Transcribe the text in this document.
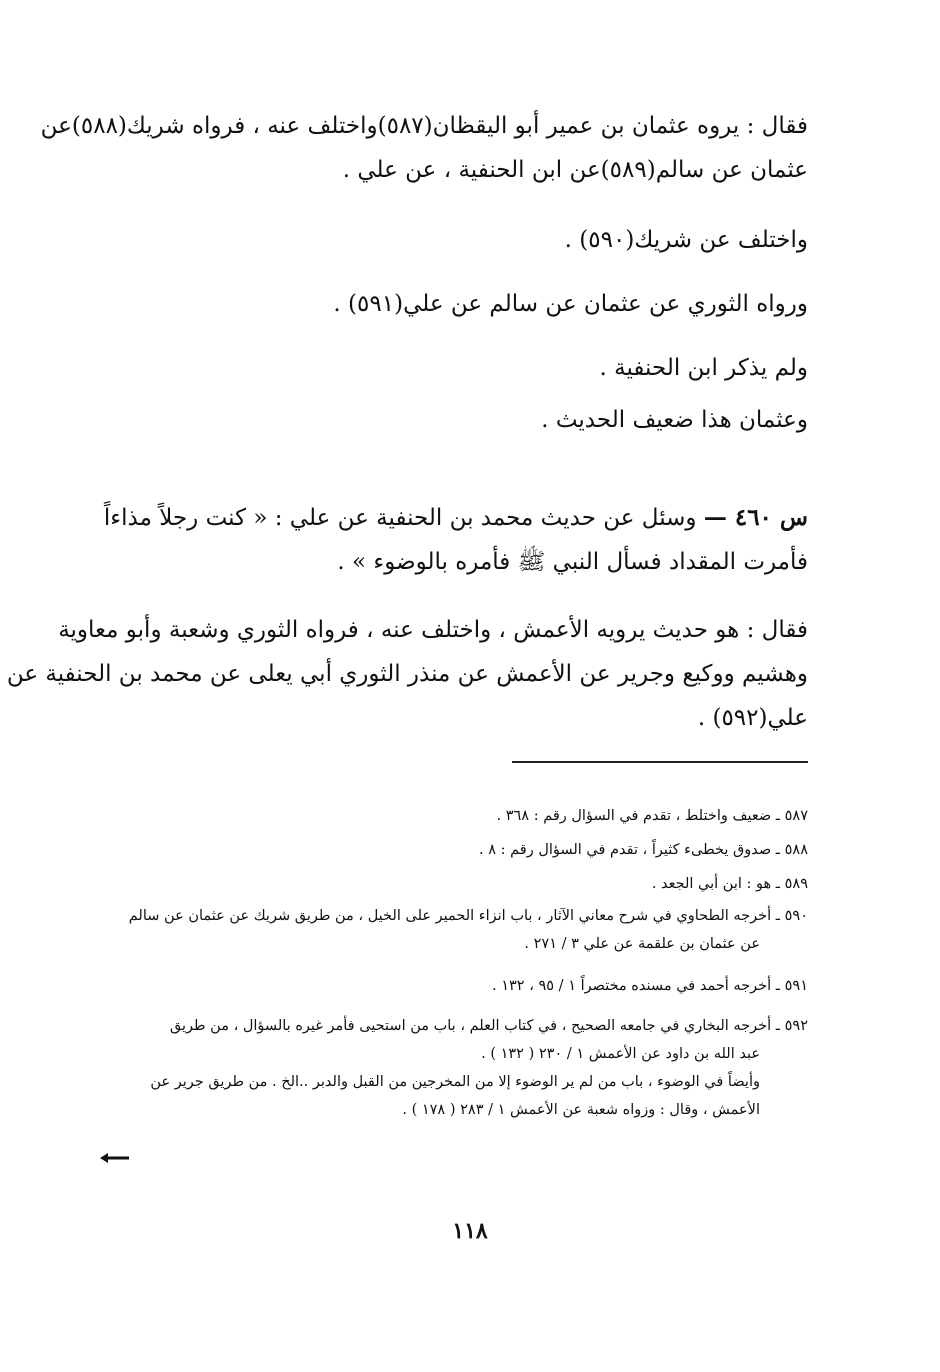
فقال : يروه عثمان بن عمير أبو اليقظان(٥٨٧)واختلف عنه ، فرواه شريك(٥٨٨)عن
عثمان عن سالم(٥٨٩)عن ابن الحنفية ، عن علي .
واختلف عن شريك(٥٩٠) .
ورواه الثوري عن عثمان عن سالم عن علي(٥٩١) .
ولم يذكر ابن الحنفية .
وعثمان هذا ضعيف الحديث .
س ٤٦٠ — وسئل عن حديث محمد بن الحنفية عن علي : « كنت رجلاً مذاءاً
فأمرت المقداد فسأل النبي ﷺ فأمره بالوضوء » .
فقال : هو حديث يرويه الأعمش ، واختلف عنه ، فرواه الثوري وشعبة وأبو معاوية
وهشيم ووكيع وجرير عن الأعمش عن منذر الثوري أبي يعلى عن محمد بن الحنفية عن
علي(٥٩٢) .
٥٨٧ ـ ضعيف واختلط ، تقدم في السؤال رقم : ٣٦٨ .
٥٨٨ ـ صدوق يخطىء كثيراً ، تقدم في السؤال رقم : ٨ .
٥٨٩ ـ هو : ابن أبي الجعد .
٥٩٠ ـ أخرجه الطحاوي في شرح معاني الآثار ، باب انزاء الحمير على الخيل ، من طريق شريك عن عثمان عن سالم
عن عثمان بن علقمة عن علي ٣ / ٢٧١ .
٥٩١ ـ أخرجه أحمد في مسنده مختصراً ١ / ٩٥ ، ١٣٢ .
٥٩٢ ـ أخرجه البخاري في جامعه الصحيح ، في كتاب العلم ، باب من استحيى فأمر غيره بالسؤال ، من طريق
عبد الله بن داود عن الأعمش ١ / ٢٣٠ ( ١٣٢ ) .
وأيضاً في الوضوء ، باب من لم ير الوضوء إلا من المخرجين من القبل والدبر ..الخ . من طريق جرير عن
الأعمش ، وقال : وزواه شعبة عن الأعمش ١ / ٢٨٣ ( ١٧٨ ) .
١١٨
